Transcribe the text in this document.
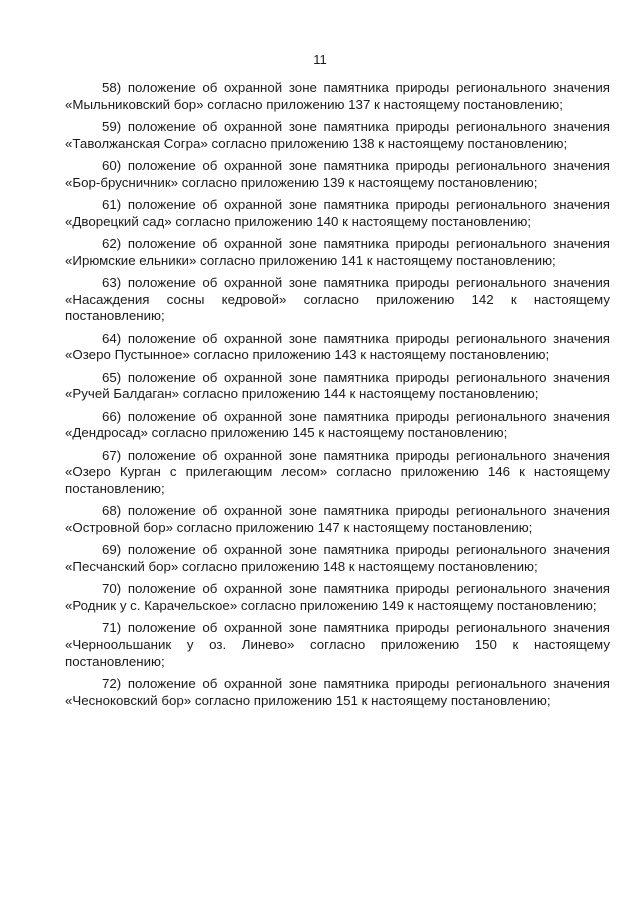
11

58) положение об охранной зоне памятника природы регионального значения «Мыльниковский бор» согласно приложению 137 к настоящему постановлению;

59) положение об охранной зоне памятника природы регионального значения «Таволжанская Согра» согласно приложению 138 к настоящему постановлению;

60) положение об охранной зоне памятника природы регионального значения «Бор-брусничник» согласно приложению 139 к настоящему постановлению;

61) положение об охранной зоне памятника природы регионального значения «Дворецкий сад» согласно приложению 140 к настоящему постановлению;

62) положение об охранной зоне памятника природы регионального значения «Ирюмские ельники» согласно приложению 141 к настоящему постановлению;

63) положение об охранной зоне памятника природы регионального значения «Насаждения сосны кедровой» согласно приложению 142 к настоящему постановлению;

64) положение об охранной зоне памятника природы регионального значения «Озеро Пустынное» согласно приложению 143 к настоящему постановлению;

65) положение об охранной зоне памятника природы регионального значения «Ручей Балдаган» согласно приложению 144 к настоящему постановлению;

66) положение об охранной зоне памятника природы регионального значения «Дендросад» согласно приложению 145 к настоящему постановлению;

67) положение об охранной зоне памятника природы регионального значения «Озеро Курган с прилегающим лесом» согласно приложению 146 к настоящему постановлению;

68) положение об охранной зоне памятника природы регионального значения «Островной бор» согласно приложению 147 к настоящему постановлению;

69) положение об охранной зоне памятника природы регионального значения «Песчанский бор» согласно приложению 148 к настоящему постановлению;

70) положение об охранной зоне памятника природы регионального значения «Родник у с. Карачельское» согласно приложению 149 к настоящему постановлению;

71) положение об охранной зоне памятника природы регионального значения «Черноольшаник у оз. Линево» согласно приложению 150 к настоящему постановлению;

72) положение об охранной зоне памятника природы регионального значения «Чесноковский бор» согласно приложению 151 к настоящему постановлению;
